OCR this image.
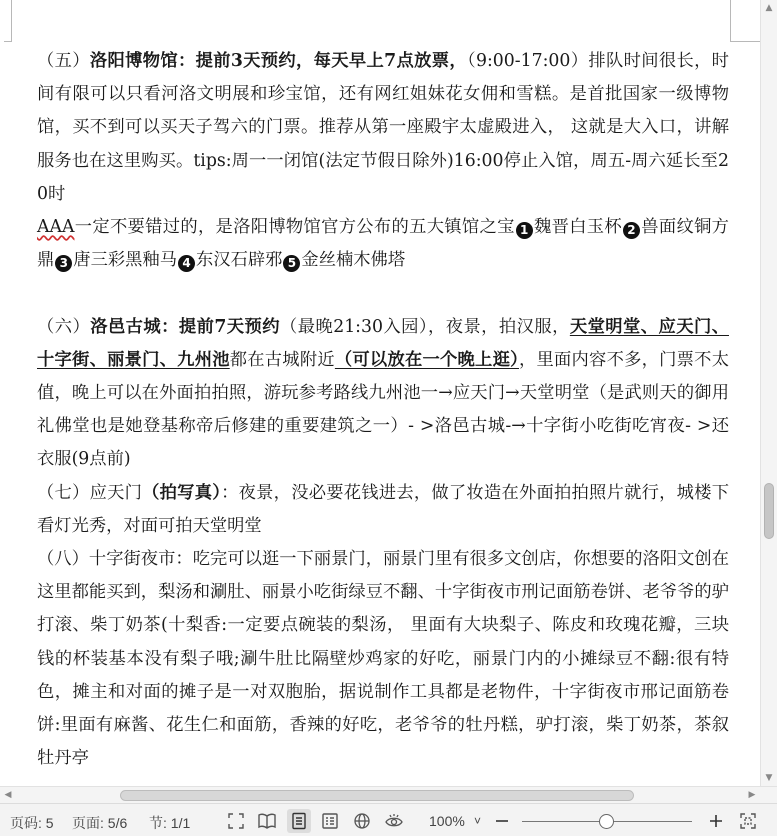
（五）洛阳博物馆：提前3天预约，每天早上7点放票，（9:00-17:00）排队时间很长，时间有限可以只看河洛文明展和珍宝馆，还有网红姐妹花女佣和雪糕。是首批国家一级博物馆，买不到可以买天子驾六的门票。推荐从第一座殿宇太虚殿进入， 这就是大入口，讲解服务也在这里购买。tips:周一一闭馆(法定节假日除外)16:00停止入馆，周五-周六延长至20时

AAA一定不要错过的，是洛阳博物馆官方公布的五大镇馆之宝 1 魏晋白玉杯 2 兽面纹铜方鼎 3 唐三彩黑釉马 4 东汉石辟邪 5 金丝楠木佛塔

（六）洛邑古城：提前7天预约（最晚21:30入园），夜景，拍汉服，天堂明堂、应天门、十字街、丽景门、九州池都在古城附近（可以放在一个晚上逛），里面内容不多，门票不太值，晚上可以在外面拍拍照，游玩参考路线九州池一→应天门→天堂明堂（是武则天的御用礼佛堂也是她登基称帝后修建的重要建筑之一）- >洛邑古城-→十字街小吃街吃宵夜- >还衣服(9点前)

（七）应天门（拍写真）：夜景，没必要花钱进去，做了妆造在外面拍拍照片就行，城楼下看灯光秀，对面可拍天堂明堂

（八）十字街夜市：吃完可以逛一下丽景门，丽景门里有很多文创店，你想要的洛阳文创在这里都能买到，梨汤和涮肚、丽景小吃街绿豆不翻、十字街夜市刑记面筋卷饼、老爷爷的驴打滚、柴丁奶茶(十梨香:一定要点碗装的梨汤， 里面有大块梨子、陈皮和玫瑰花瓣，三块钱的杯装基本没有梨子哦;涮牛肚比隔壁炒鸡家的好吃，丽景门内的小摊绿豆不翻:很有特色，摊主和对面的摊子是一对双胞胎，据说制作工具都是老物件，十字街夜市邢记面筋卷饼:里面有麻酱、花生仁和面筋，香辣的好吃，老爷爷的牡丹糕，驴打滚，柴丁奶茶，茶叙牡丹亭

▲
▼
◀	▶
页码: 5 页面: 5/6 节: 1/1	100% ˅
